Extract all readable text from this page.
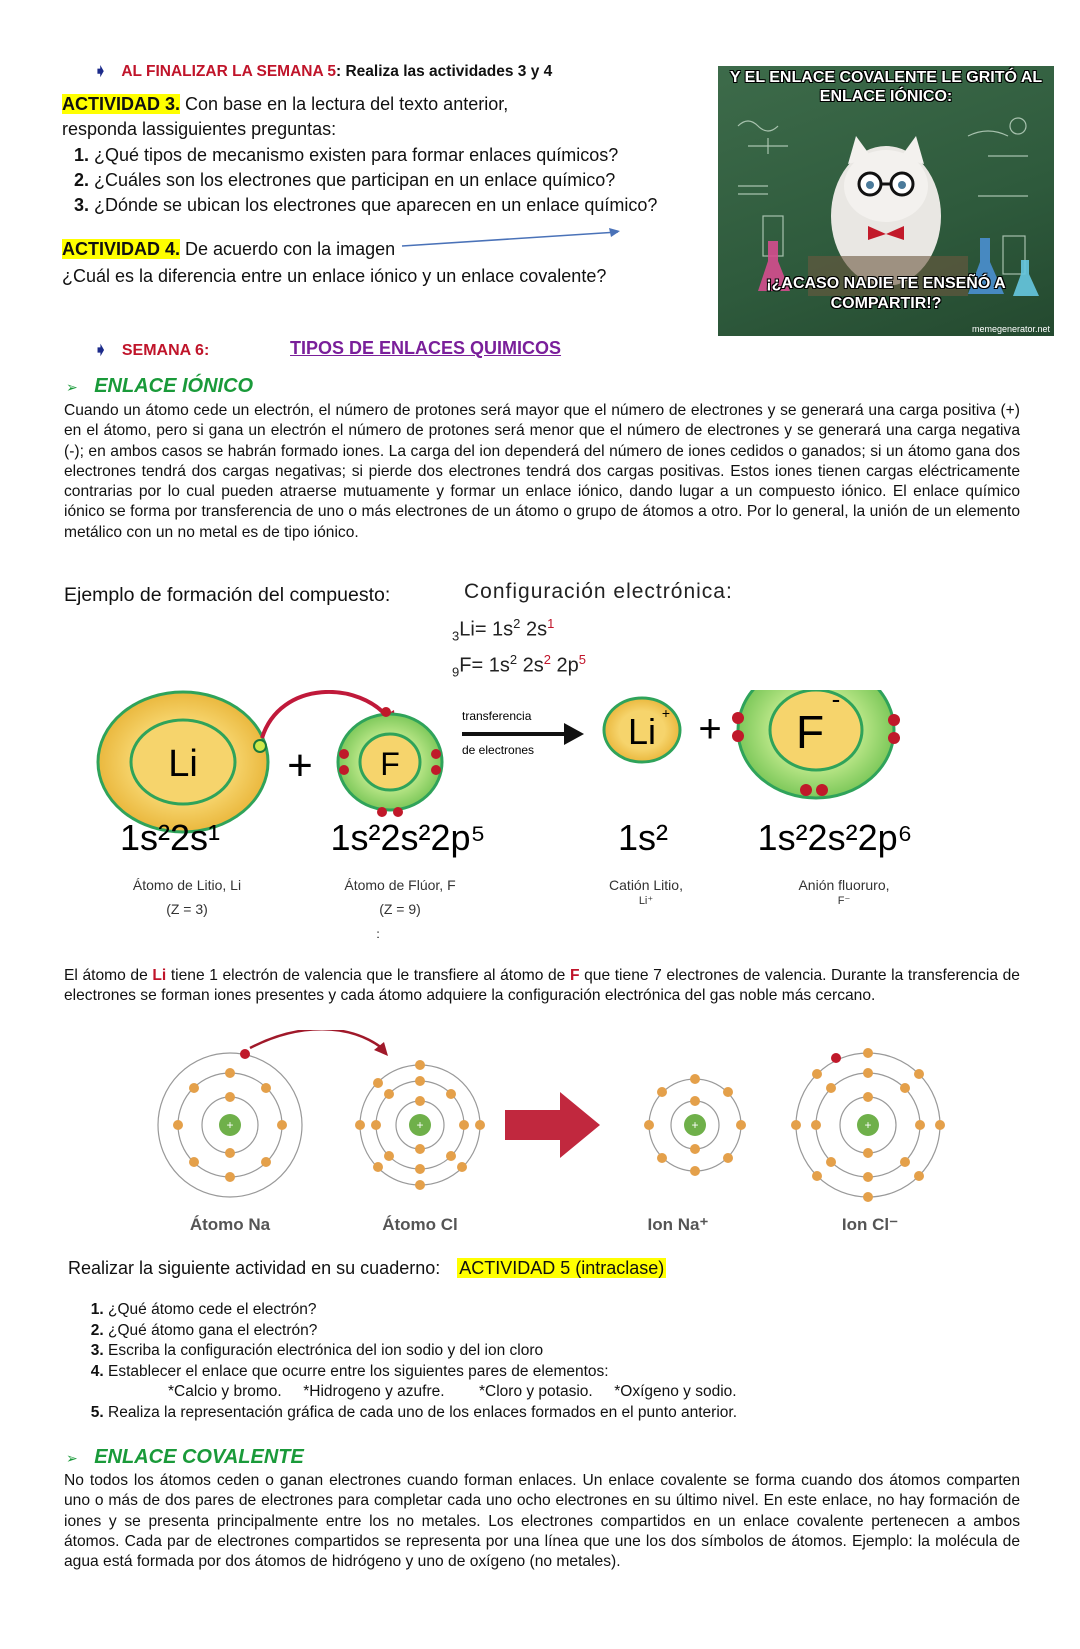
➧ AL FINALIZAR LA SEMANA 5: Realiza las actividades 3 y 4
ACTIVIDAD 3. Con base en la lectura del texto anterior,
responda lassiguientes preguntas:
1. ¿Qué tipos de mecanismo existen para formar enlaces químicos?
2. ¿Cuáles son los electrones que participan en un enlace químico?
3. ¿Dónde se ubican los electrones que aparecen en un enlace químico?
ACTIVIDAD 4. De acuerdo con la imagen
¿Cuál es la diferencia entre un enlace iónico y un enlace covalente?
Y EL ENLACE COVALENTE LE GRITÓ AL ENLACE IÓNICO:
¡¿ACASO NADIE TE ENSEÑÓ A COMPARTIR!?
memegenerator.net
➧ SEMANA 6:	TIPOS DE ENLACES QUIMICOS
➢ ENLACE IÓNICO
Cuando un átomo cede un electrón, el número de protones será mayor que el número de electrones y se generará una carga positiva (+) en el átomo, pero si gana un electrón el número de protones será menor que el número de electrones y se generará una carga negativa (-); en ambos casos se habrán formado iones. La carga del ion dependerá del número de iones cedidos o ganados; si un átomo gana dos electrones tendrá dos cargas negativas; si pierde dos electrones tendrá dos cargas positivas. Estos iones tienen cargas eléctricamente contrarias por lo cual pueden atraerse mutuamente y formar un enlace iónico, dando lugar a un compuesto iónico. El enlace químico iónico se forma por transferencia de uno o más electrones de un átomo o grupo de átomos a otro. Por lo general, la unión de un elemento metálico con un no metal es de tipo iónico.
Ejemplo de formación del compuesto:	Configuración electrónica:
$_3Li= 1s^2$ $2s^1$
$_9F= 1s^2$ $2s^2$ $2p^5$
Li + F
transferencia
de electrones	Li + + F
-
1s²2s¹	1s²2s²2p⁵	1s² 1s²2s²2p⁶
Átomo de Litio, Li
(Z = 3)
Átomo de Flúor, F
(Z = 9)
Catión Litio,
Li⁺
Anión fluoruro,
F⁻
:
El átomo de Li tiene 1 electrón de valencia que le transfiere al átomo de F que tiene 7 electrones de valencia. Durante la transferencia de electrones se forman iones presentes y cada átomo adquiere la configuración electrónica del gas noble más cercano.
+	+	+	+
Átomo Na	Átomo Cl	Ion Na⁺	Ion Cl⁻
Realizar la siguiente actividad en su cuaderno: ACTIVIDAD 5 (intraclase)
1. ¿Qué átomo cede el electrón?
2. ¿Qué átomo gana el electrón?
3. Escriba la configuración electrónica del ion sodio y del ion cloro
4. Establecer el enlace que ocurre entre los siguientes pares de elementos:
*Calcio y bromo.     *Hidrogeno y azufre.        *Cloro y potasio.     *Oxígeno y sodio.
5. Realiza la representación gráfica de cada uno de los enlaces formados en el punto anterior.
➢ ENLACE COVALENTE
No todos los átomos ceden o ganan electrones cuando forman enlaces. Un enlace covalente se forma cuando dos átomos comparten uno o más de dos pares de electrones para completar cada uno ocho electrones en su último nivel. En este enlace, no hay formación de iones y se presenta principalmente entre los no metales. Los electrones compartidos en un enlace covalente pertenecen a ambos átomos. Cada par de electrones compartidos se representa por una línea que une los dos símbolos de átomos. Ejemplo: la molécula de agua está formada por dos átomos de hidrógeno y uno de oxígeno (no metales).
